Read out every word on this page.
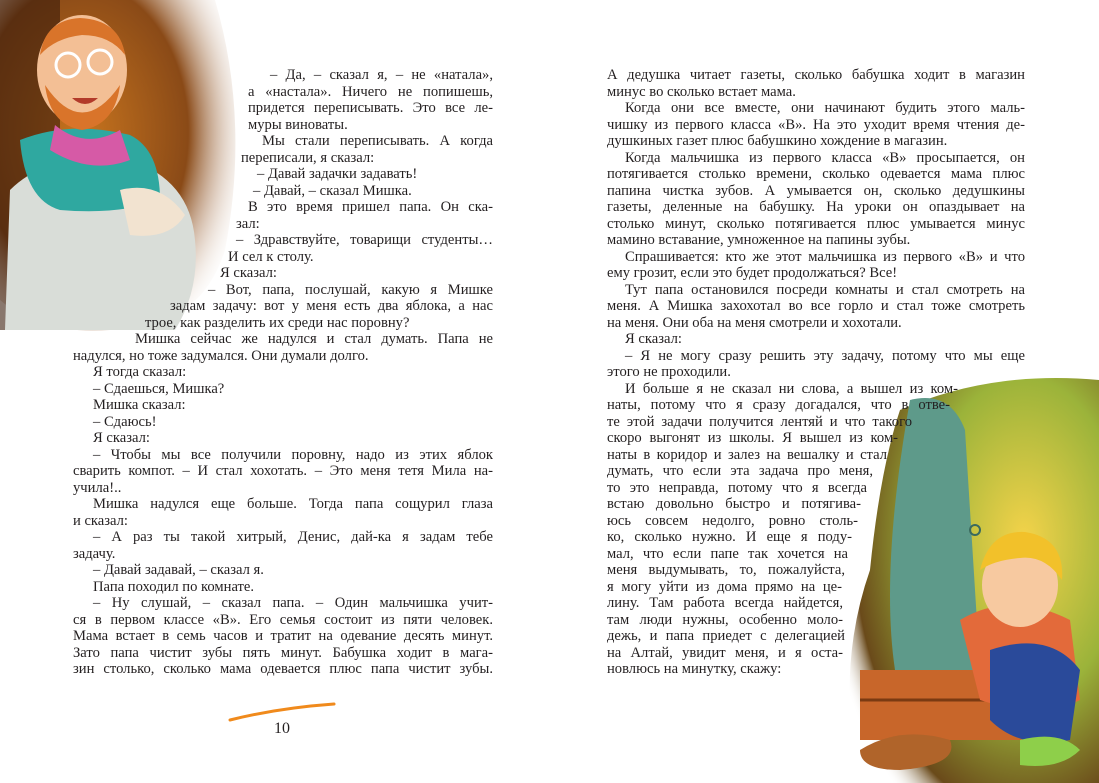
– Да, – сказал я, – не «натала»,
а «настала». Ничего не попишешь,
придется переписывать. Это все ле-
муры виноваты.
Мы стали переписывать. А когда
переписали, я сказал:
– Давай задачки задавать!
– Давай, – сказал Мишка.
В это время пришел папа. Он ска-
зал:
– Здравствуйте, товарищи студенты…
И сел к столу.
Я сказал:
– Вот, папа, послушай, какую я Мишке
задам задачу: вот у меня есть два яблока, а нас
трое, как разделить их среди нас поровну?
Мишка сейчас же надулся и стал думать. Папа не
надулся, но тоже задумался. Они думали долго.
Я тогда сказал:
– Сдаешься, Мишка?
Мишка сказал:
– Сдаюсь!
Я сказал:
– Чтобы мы все получили поровну, надо из этих яблок
сварить компот. – И стал хохотать. – Это меня тетя Мила на-
учила!..
Мишка надулся еще больше. Тогда папа сощурил глаза
и сказал:
– А раз ты такой хитрый, Денис, дай-ка я задам тебе
задачу.
– Давай задавай, – сказал я.
Папа походил по комнате.
– Ну слушай, – сказал папа. – Один мальчишка учит-
ся в первом классе «В». Его семья состоит из пяти человек.
Мама встает в семь часов и тратит на одевание десять минут.
Зато папа чистит зубы пять минут. Бабушка ходит в мага-
зин столько, сколько мама одевается плюс папа чистит зубы.
А дедушка читает газеты, сколько бабушка ходит в магазин
минус во сколько встает мама.
Когда они все вместе, они начинают будить этого маль-
чишку из первого класса «В». На это уходит время чтения де-
душкиных газет плюс бабушкино хождение в магазин.
Когда мальчишка из первого класса «В» просыпается, он
потягивается столько времени, сколько одевается мама плюс
папина чистка зубов. А умывается он, сколько дедушкины
газеты, деленные на бабушку. На уроки он опаздывает на
столько минут, сколько потягивается плюс умывается минус
мамино вставание, умноженное на папины зубы.
Спрашивается: кто же этот мальчишка из первого «В» и что
ему грозит, если это будет продолжаться? Все!
Тут папа остановился посреди комнаты и стал смотреть на
меня. А Мишка захохотал во все горло и стал тоже смотреть
на меня. Они оба на меня смотрели и хохотали.
Я сказал:
– Я не могу сразу решить эту задачу, потому что мы еще
этого не проходили.
И больше я не сказал ни слова, а вышел из ком-
наты, потому что я сразу догадался, что в отве-
те этой задачи получится лентяй и что такого
скоро выгонят из школы. Я вышел из ком-
наты в коридор и залез на вешалку и стал
думать, что если эта задача про меня,
то это неправда, потому что я всегда
встаю довольно быстро и потягива-
юсь совсем недолго, ровно столь-
ко, сколько нужно. И еще я поду-
мал, что если папе так хочется на
меня выдумывать, то, пожалуйста,
я могу уйти из дома прямо на це-
лину. Там работа всегда найдется,
там люди нужны, особенно моло-
дежь, и папа приедет с делегацией
на Алтай, увидит меня, и я оста-
новлюсь на минутку, скажу:
10
